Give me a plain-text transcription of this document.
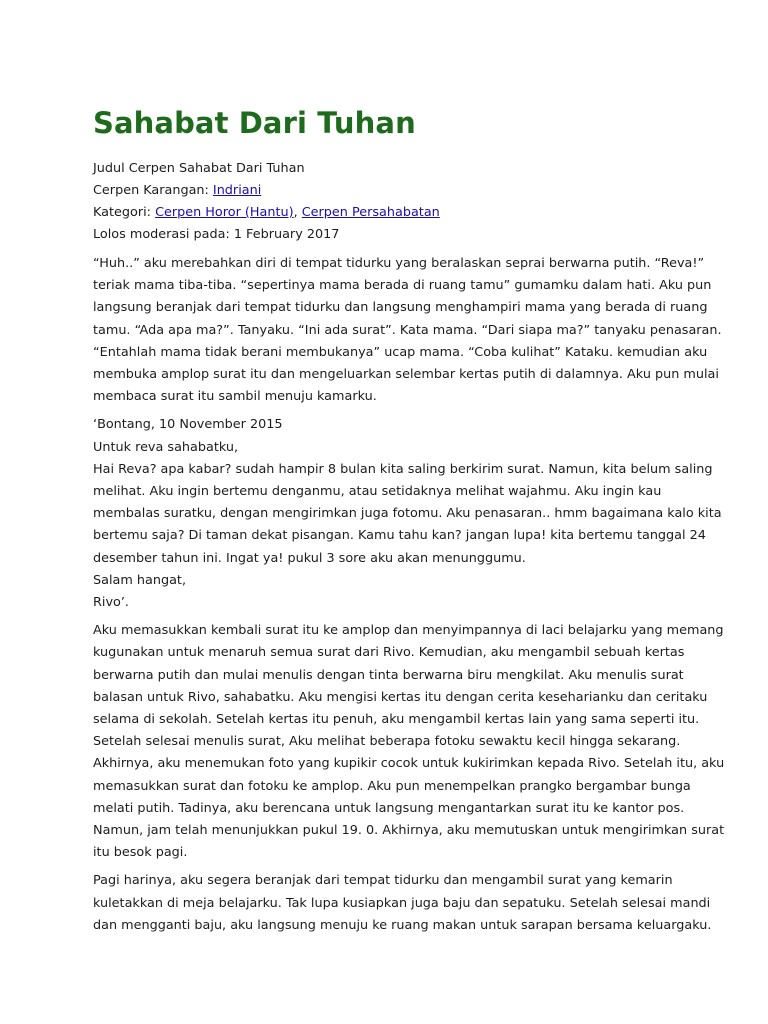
Sahabat Dari Tuhan
Judul Cerpen Sahabat Dari Tuhan
Cerpen Karangan: Indriani
Kategori: Cerpen Horor (Hantu), Cerpen Persahabatan
Lolos moderasi pada: 1 February 2017

“Huh..” aku merebahkan diri di tempat tidurku yang beralaskan seprai berwarna putih. “Reva!”
teriak mama tiba-tiba. “sepertinya mama berada di ruang tamu” gumamku dalam hati. Aku pun
langsung beranjak dari tempat tidurku dan langsung menghampiri mama yang berada di ruang
tamu. “Ada apa ma?”. Tanyaku. “Ini ada surat”. Kata mama. “Dari siapa ma?” tanyaku penasaran.
“Entahlah mama tidak berani membukanya” ucap mama. “Coba kulihat” Kataku. kemudian aku
membuka amplop surat itu dan mengeluarkan selembar kertas putih di dalamnya. Aku pun mulai
membaca surat itu sambil menuju kamarku.

‘Bontang, 10 November 2015
Untuk reva sahabatku,
Hai Reva? apa kabar? sudah hampir 8 bulan kita saling berkirim surat. Namun, kita belum saling
melihat. Aku ingin bertemu denganmu, atau setidaknya melihat wajahmu. Aku ingin kau
membalas suratku, dengan mengirimkan juga fotomu. Aku penasaran.. hmm bagaimana kalo kita
bertemu saja? Di taman dekat pisangan. Kamu tahu kan? jangan lupa! kita bertemu tanggal 24
desember tahun ini. Ingat ya! pukul 3 sore aku akan menunggumu.
Salam hangat,
Rivo’.

Aku memasukkan kembali surat itu ke amplop dan menyimpannya di laci belajarku yang memang
kugunakan untuk menaruh semua surat dari Rivo. Kemudian, aku mengambil sebuah kertas
berwarna putih dan mulai menulis dengan tinta berwarna biru mengkilat. Aku menulis surat
balasan untuk Rivo, sahabatku. Aku mengisi kertas itu dengan cerita keseharianku dan ceritaku
selama di sekolah. Setelah kertas itu penuh, aku mengambil kertas lain yang sama seperti itu.
Setelah selesai menulis surat, Aku melihat beberapa fotoku sewaktu kecil hingga sekarang.
Akhirnya, aku menemukan foto yang kupikir cocok untuk kukirimkan kepada Rivo. Setelah itu, aku
memasukkan surat dan fotoku ke amplop. Aku pun menempelkan prangko bergambar bunga
melati putih. Tadinya, aku berencana untuk langsung mengantarkan surat itu ke kantor pos.
Namun, jam telah menunjukkan pukul 19. 0. Akhirnya, aku memutuskan untuk mengirimkan surat
itu besok pagi.

Pagi harinya, aku segera beranjak dari tempat tidurku dan mengambil surat yang kemarin
kuletakkan di meja belajarku. Tak lupa kusiapkan juga baju dan sepatuku. Setelah selesai mandi
dan mengganti baju, aku langsung menuju ke ruang makan untuk sarapan bersama keluargaku.
